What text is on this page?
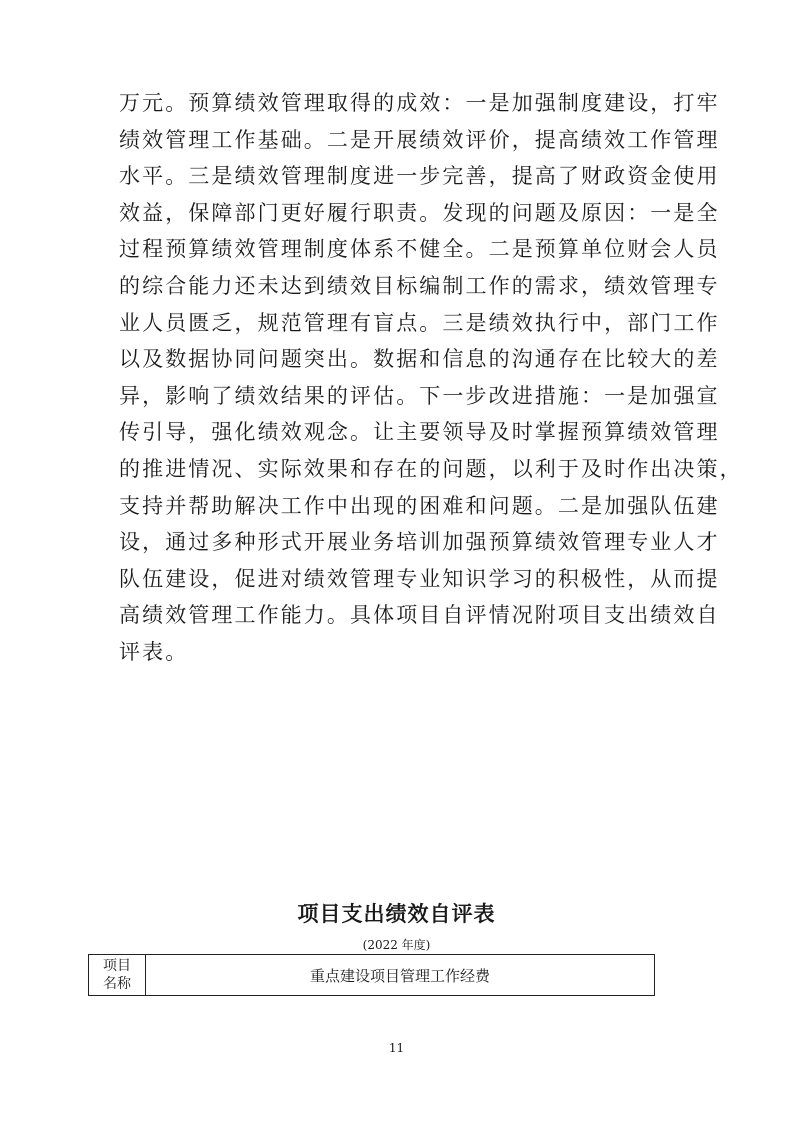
万元。预算绩效管理取得的成效：一是加强制度建设，打牢
绩效管理工作基础。二是开展绩效评价，提高绩效工作管理
水平。三是绩效管理制度进一步完善，提高了财政资金使用
效益，保障部门更好履行职责。发现的问题及原因：一是全
过程预算绩效管理制度体系不健全。二是预算单位财会人员
的综合能力还未达到绩效目标编制工作的需求，绩效管理专
业人员匮乏，规范管理有盲点。三是绩效执行中，部门工作
以及数据协同问题突出。数据和信息的沟通存在比较大的差
异，影响了绩效结果的评估。下一步改进措施：一是加强宣
传引导，强化绩效观念。让主要领导及时掌握预算绩效管理
的推进情况、实际效果和存在的问题，以利于及时作出决策，
支持并帮助解决工作中出现的困难和问题。二是加强队伍建
设，通过多种形式开展业务培训加强预算绩效管理专业人才
队伍建设，促进对绩效管理专业知识学习的积极性，从而提
高绩效管理工作能力。具体项目自评情况附项目支出绩效自
评表。
项目支出绩效自评表
(2022 年度)
项目
名称	重点建设项目管理工作经费
11
